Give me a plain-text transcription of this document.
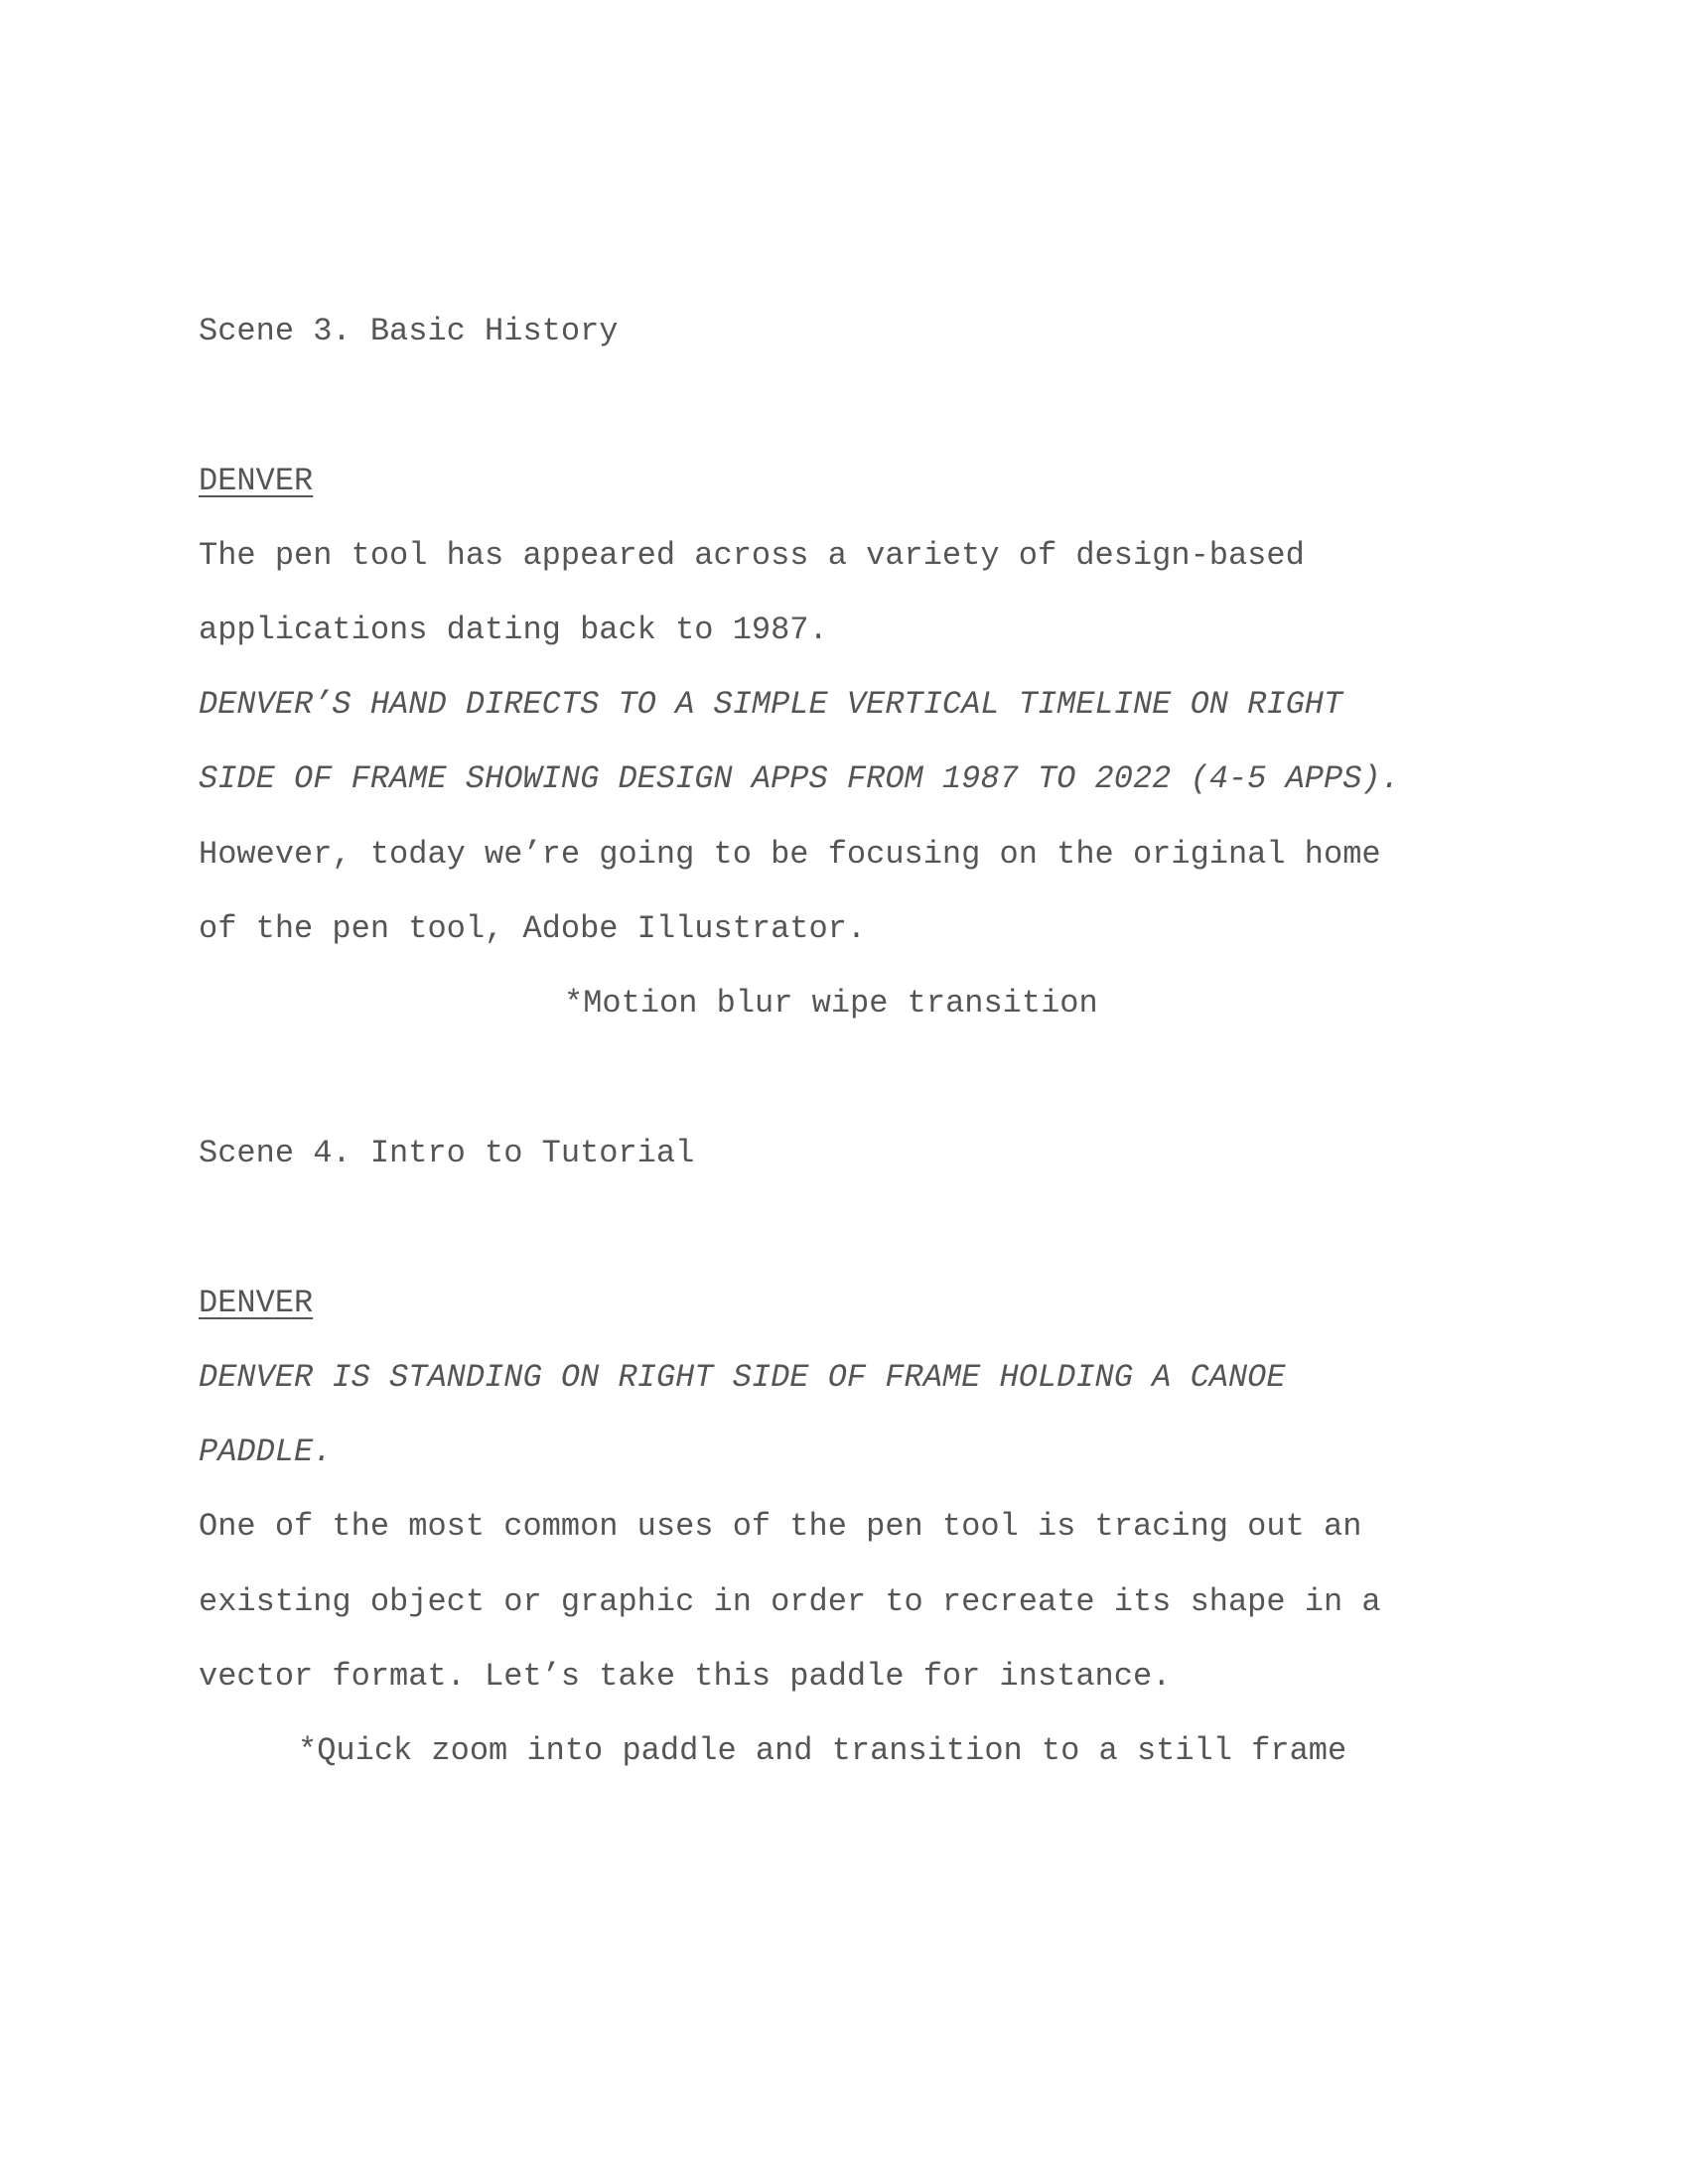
Scene 3. Basic History
DENVER
The pen tool has appeared across a variety of design-based
applications dating back to 1987.
DENVER’S HAND DIRECTS TO A SIMPLE VERTICAL TIMELINE ON RIGHT
SIDE OF FRAME SHOWING DESIGN APPS FROM 1987 TO 2022 (4-5 APPS).
However, today we’re going to be focusing on the original home
of the pen tool, Adobe Illustrator.
*Motion blur wipe transition
Scene 4. Intro to Tutorial
DENVER
DENVER IS STANDING ON RIGHT SIDE OF FRAME HOLDING A CANOE
PADDLE.
One of the most common uses of the pen tool is tracing out an
existing object or graphic in order to recreate its shape in a
vector format. Let’s take this paddle for instance.
*Quick zoom into paddle and transition to a still frame
